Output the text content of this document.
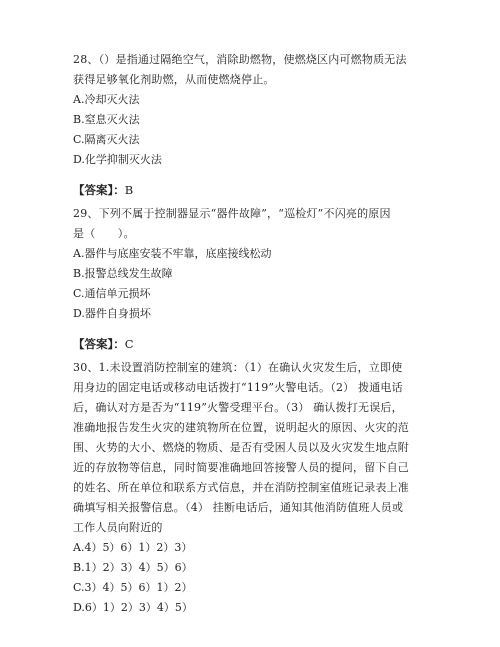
28、（）是指通过隔绝空气，消除助燃物，使燃烧区内可燃物质无法
获得足够氧化剂助燃，从而使燃烧停止。
A.冷却灭火法
B.窒息灭火法
C.隔离灭火法
D.化学抑制灭火法
【答案】：B
29、下列不属于控制器显示“器件故障”，“巡检灯”不闪亮的原因
是（　　）。
A.器件与底座安装不牢靠，底座接线松动
B.报警总线发生故障
C.通信单元损坏
D.器件自身损坏
【答案】：C
30、1.未设置消防控制室的建筑：（1）在确认火灾发生后，立即使
用身边的固定电话或移动电话拨打“119”火警电话。（2） 拨通电话
后，确认对方是否为“119”火警受理平台。（3） 确认拨打无误后，
准确地报告发生火灾的建筑物所在位置，说明起火的原因、火灾的范
围、火势的大小、燃烧的物质、是否有受困人员以及火灾发生地点附
近的存放物等信息，同时简要准确地回答接警人员的提问，留下自己
的姓名、所在单位和联系方式信息，并在消防控制室值班记录表上准
确填写相关报警信息。（4） 挂断电话后，通知其他消防值班人员或
工作人员向附近的
A.4）5）6）1）2）3）
B.1）2）3）4）5）6）
C.3）4）5）6）1）2）
D.6）1）2）3）4）5）
